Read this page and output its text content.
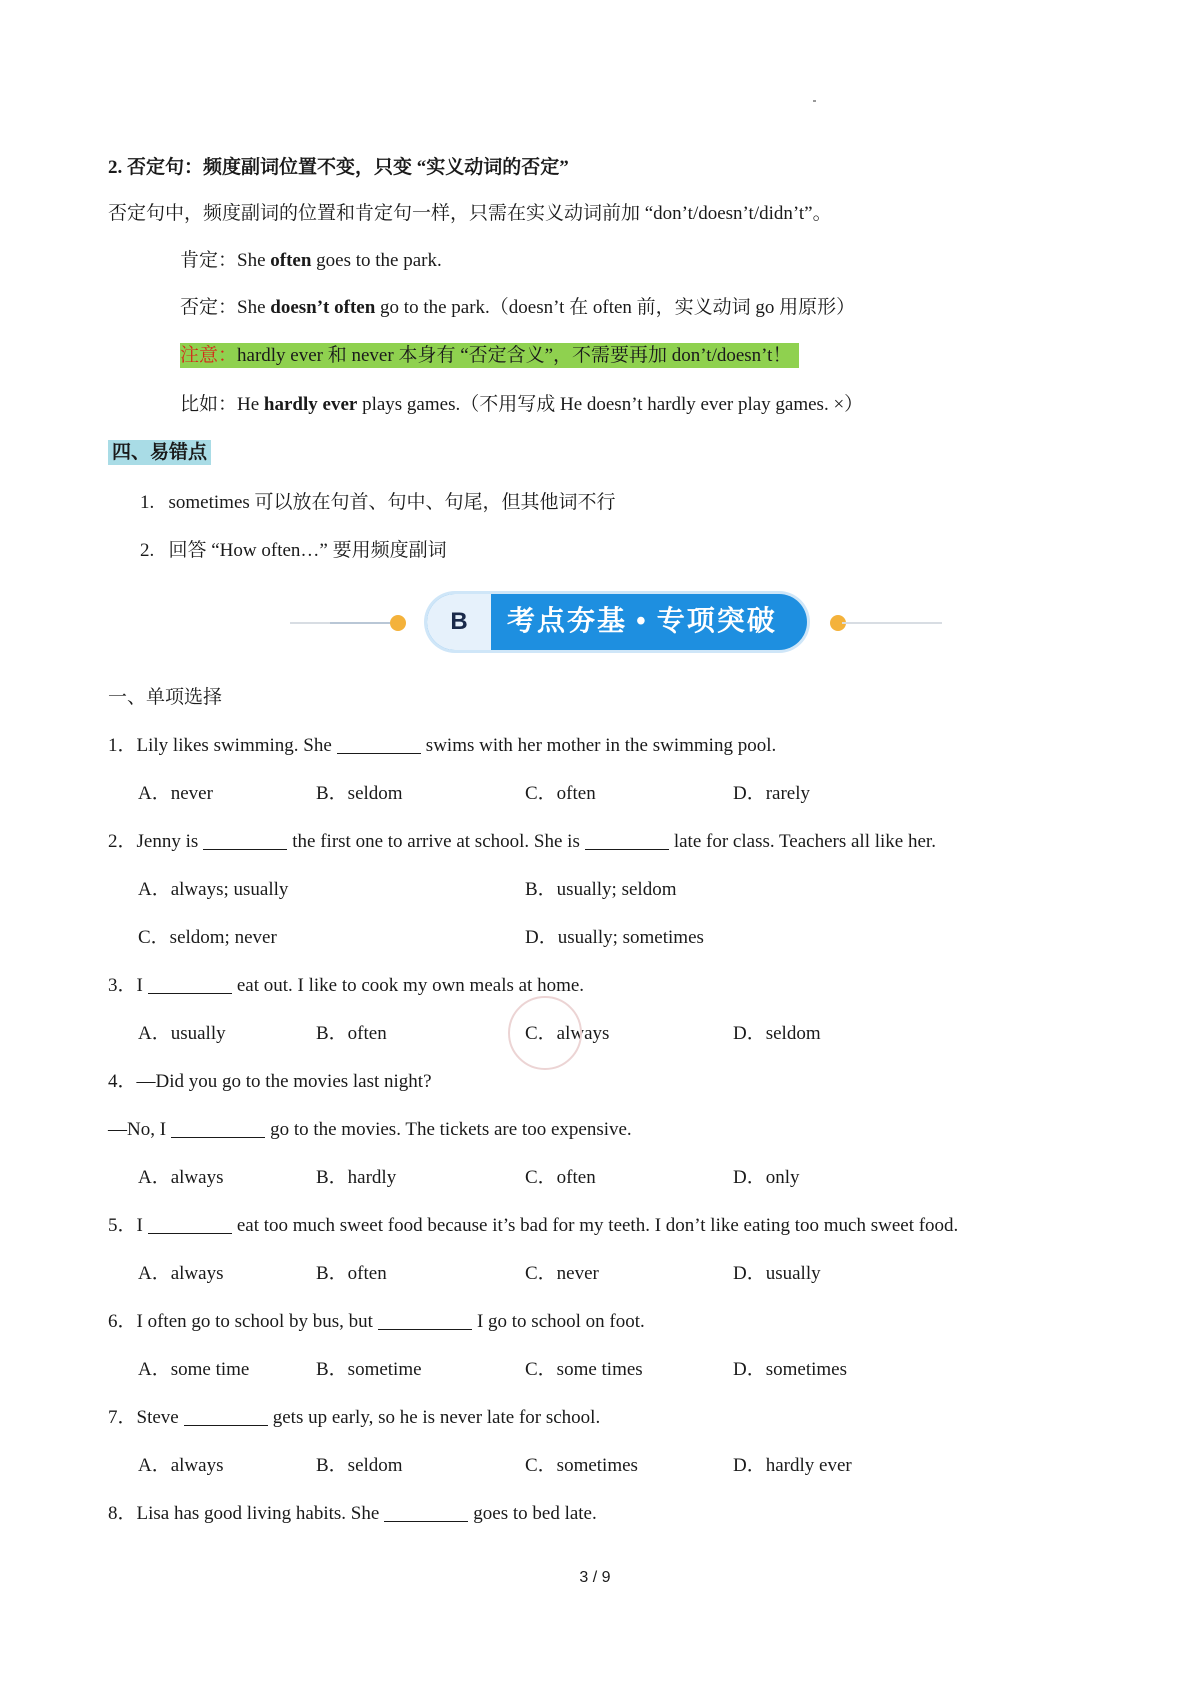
2. 否定句：频度副词位置不变，只变 “实义动词的否定”
否定句中，频度副词的位置和肯定句一样，只需在实义动词前加 “don’t/doesn’t/didn’t”。
肯定：She often goes to the park.
否定：She doesn’t often go to the park.（doesn’t 在 often 前，实义动词 go 用原形）
注意：hardly ever 和 never 本身有 “否定含义”，不需要再加 don’t/doesn’t！
比如：He hardly ever plays games.（不用写成 He doesn’t hardly ever play games. ×）
四、易错点
1. sometimes 可以放在句首、句中、句尾，但其他词不行
2. 回答 “How often…” 要用频度副词
B	考点夯基 • 专项突破
一、单项选择
1．Lily likes swimming. She	swims with her mother in the swimming pool.
A．never	B．seldom	C．often	D．rarely
2．Jenny is	the first one to arrive at school. She is	late for class. Teachers all like her.
A．always; usually	B．usually; seldom
C．seldom; never	D．usually; sometimes
3．I	eat out. I like to cook my own meals at home.
A．usually	B．often	C．always	D．seldom
4．—Did you go to the movies last night?
—No, I	go to the movies. The tickets are too expensive.
A．always	B．hardly	C．often	D．only
5．I	eat too much sweet food because it’s bad for my teeth. I don’t like eating too much sweet food.
A．always	B．often	C．never	D．usually
6．I often go to school by bus, but	I go to school on foot.
A．some time	B．sometime	C．some times	D．sometimes
7．Steve	gets up early, so he is never late for school.
A．always	B．seldom	C．sometimes	D．hardly ever
8．Lisa has good living habits. She	goes to bed late.
3 / 9
